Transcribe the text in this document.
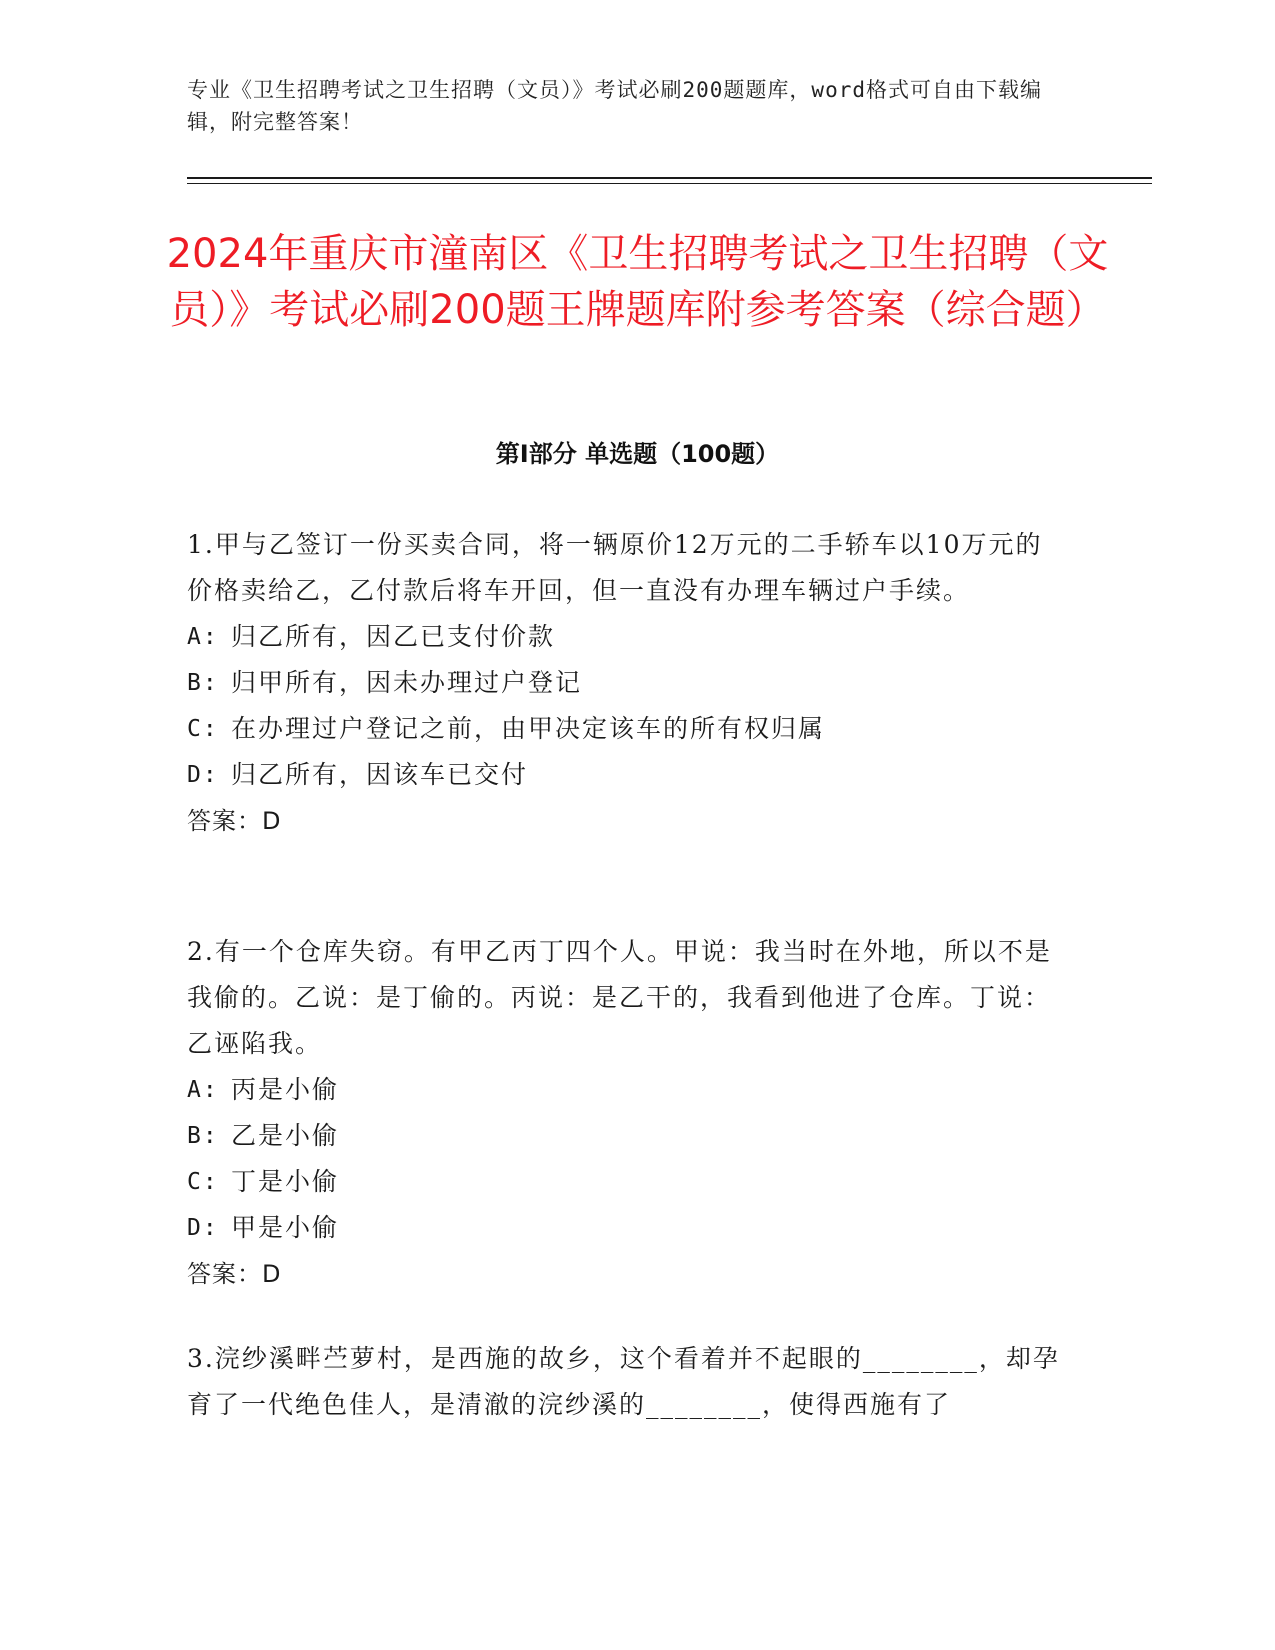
专业《卫生招聘考试之卫生招聘（文员）》考试必刷200题题库，word格式可自由下载编辑，附完整答案！
2024年重庆市潼南区《卫生招聘考试之卫生招聘（文员）》考试必刷200题王牌题库附参考答案（综合题）
第Ⅰ部分 单选题（100题）
1.甲与乙签订一份买卖合同，将一辆原价12万元的二手轿车以10万元的价格卖给乙，乙付款后将车开回，但一直没有办理车辆过户手续。
A: 归乙所有，因乙已支付价款
B: 归甲所有，因未办理过户登记
C: 在办理过户登记之前，由甲决定该车的所有权归属
D: 归乙所有，因该车已交付
答案：D
2.有一个仓库失窃。有甲乙丙丁四个人。甲说：我当时在外地，所以不是我偷的。乙说：是丁偷的。丙说：是乙干的，我看到他进了仓库。丁说：乙诬陷我。
A: 丙是小偷
B: 乙是小偷
C: 丁是小偷
D: 甲是小偷
答案：D
3.浣纱溪畔苎萝村，是西施的故乡，这个看着并不起眼的________，却孕育了一代绝色佳人，是清澈的浣纱溪的________，使得西施有了
